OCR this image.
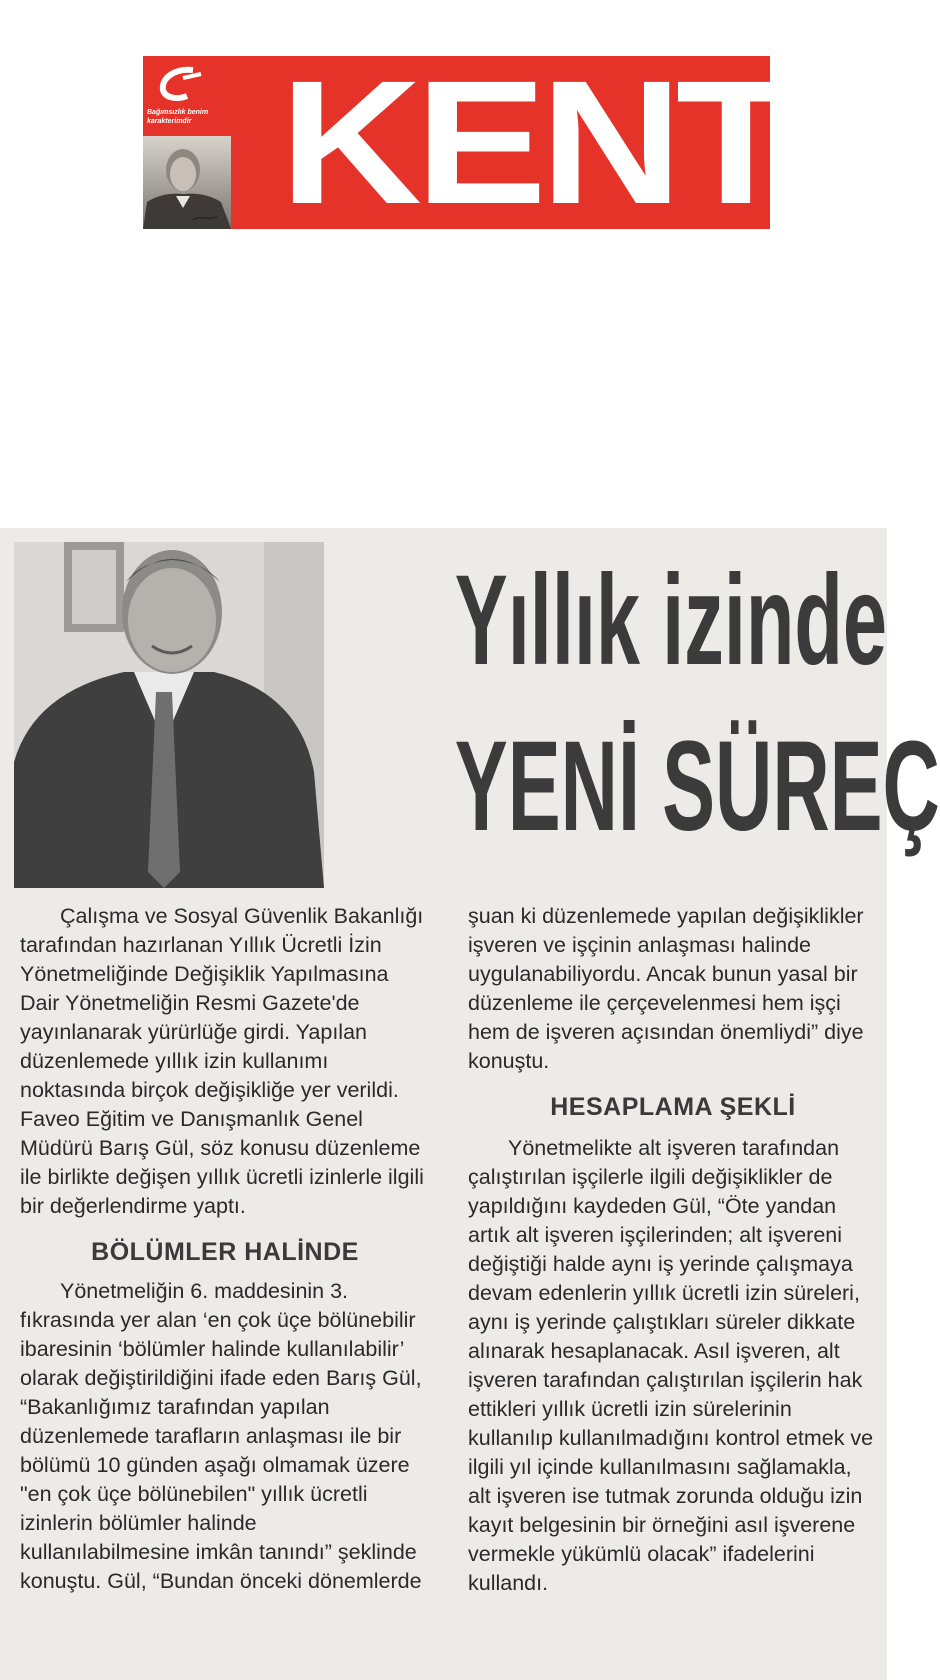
Bağımsızlık benim karakterimdir KENT
Yıllık izinde
YENİ SÜREÇ

Çalışma ve Sosyal Güvenlik Bakanlığı tarafından hazırlanan Yıllık Ücretli İzin Yönetmeliğinde Değişiklik Yapılmasına Dair Yönetmeliğin Resmi Gazete'de yayınlanarak yürürlüğe girdi. Yapılan düzenlemede yıllık izin kullanımı noktasında birçok değişikliğe yer verildi. Faveo Eğitim ve Danışmanlık Genel Müdürü Barış Gül, söz konusu düzenleme ile birlikte değişen yıllık ücretli izinlerle ilgili bir değerlendirme yaptı.

BÖLÜMLER HALİNDE

Yönetmeliğin 6. maddesinin 3. fıkrasında yer alan ‘en çok üçe bölünebilir ibaresinin ‘bölümler halinde kullanılabilir’ olarak değiştirildiğini ifade eden Barış Gül, “Bakanlığımız tarafından yapılan düzenlemede tarafların anlaşması ile bir bölümü 10 günden aşağı olmamak üzere "en çok üçe bölünebilen" yıllık ücretli izinlerin bölümler halinde kullanılabilmesine imkân tanındı” şeklinde konuştu. Gül, “Bundan önceki dönemlerde

şuan ki düzenlemede yapılan değişiklikler işveren ve işçinin anlaşması halinde uygulanabiliyordu. Ancak bunun yasal bir düzenleme ile çerçevelenmesi hem işçi hem de işveren açısından önemliydi” diye konuştu.

HESAPLAMA ŞEKLİ

Yönetmelikte alt işveren tarafından çalıştırılan işçilerle ilgili değişiklikler de yapıldığını kaydeden Gül, “Öte yandan artık alt işveren işçilerinden; alt işvereni değiştiği halde aynı iş yerinde çalışmaya devam edenlerin yıllık ücretli izin süreleri, aynı iş yerinde çalıştıkları süreler dikkate alınarak hesaplanacak. Asıl işveren, alt işveren tarafından çalıştırılan işçilerin hak ettikleri yıllık ücretli izin sürelerinin kullanılıp kullanılmadığını kontrol etmek ve ilgili yıl içinde kullanılmasını sağlamakla, alt işveren ise tutmak zorunda olduğu izin kayıt belgesinin bir örneğini asıl işverene vermekle yükümlü olacak” ifadelerini kullandı.
